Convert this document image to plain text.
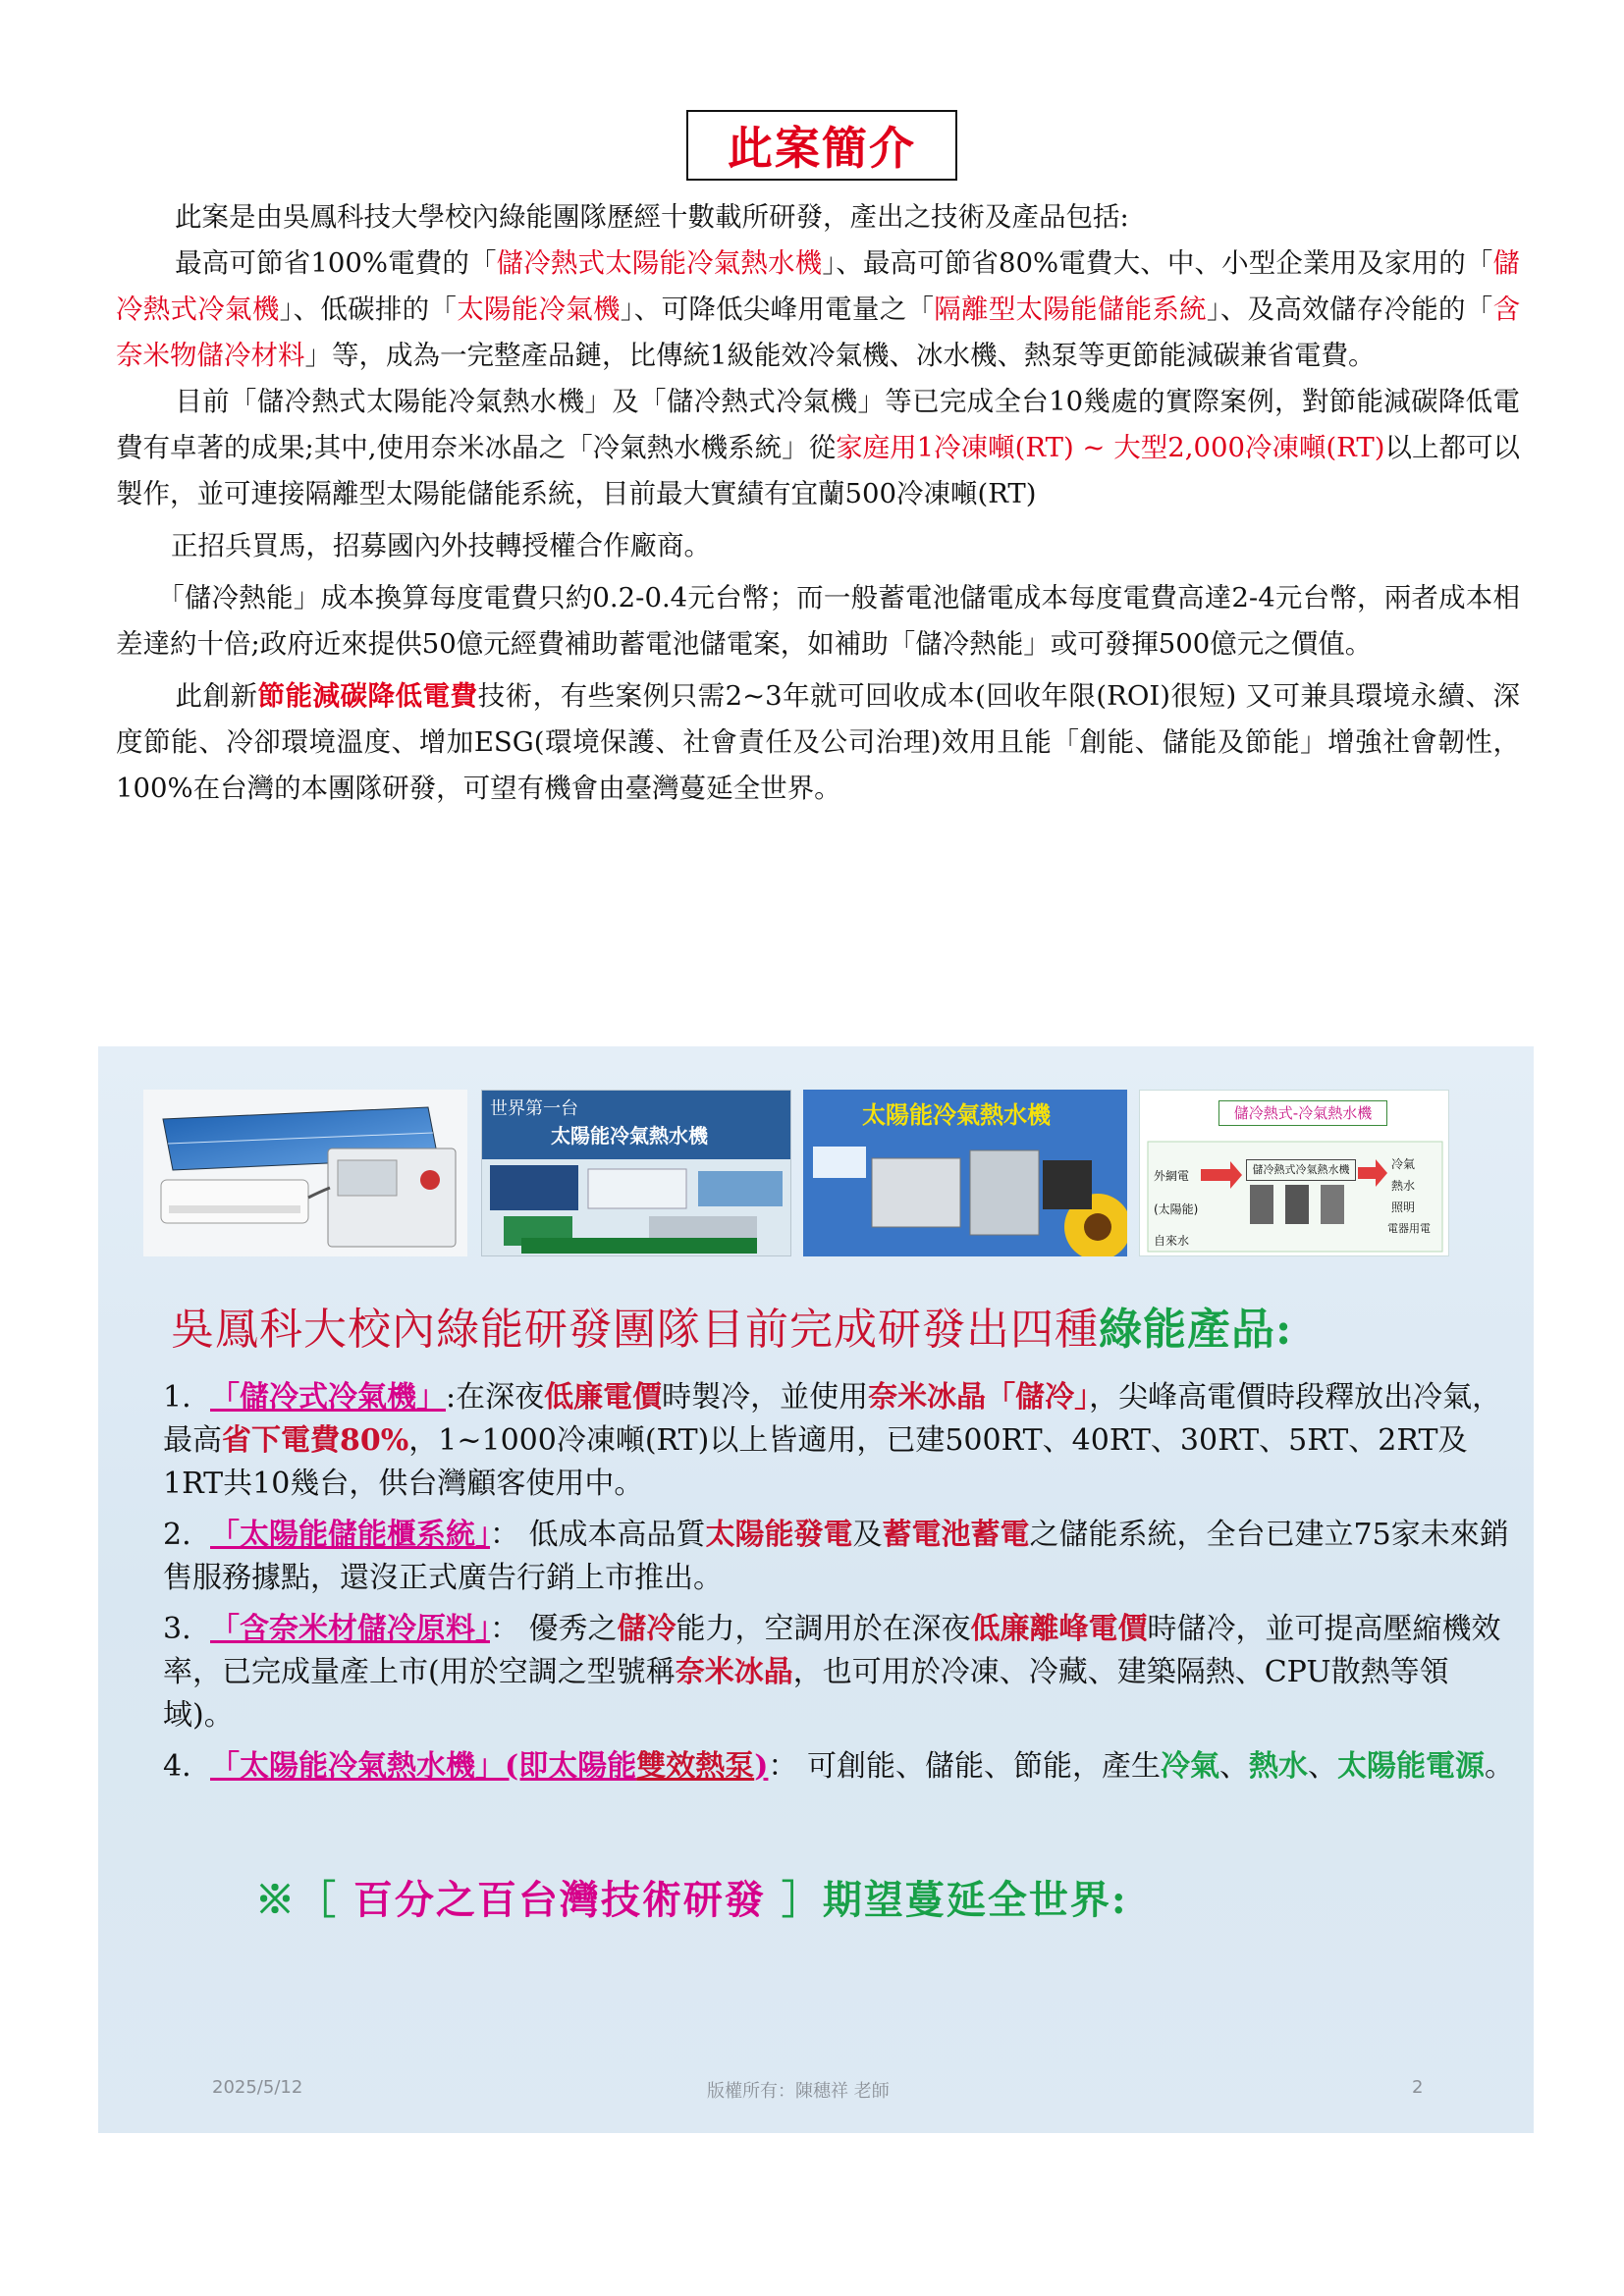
此案簡介

此案是由吳鳳科技大學校內綠能團隊歷經十數載所研發，產出之技術及產品包括:

最高可節省100%電費的「儲冷熱式太陽能冷氣熱水機」、最高可節省80%電費大、中、小型企業用及家用的「儲冷熱式冷氣機」、低碳排的「太陽能冷氣機」、可降低尖峰用電量之「隔離型太陽能儲能系統」、及高效儲存冷能的「含奈米物儲冷材料」等，成為一完整產品鏈，比傳統1級能效冷氣機、冰水機、熱泵等更節能減碳兼省電費。

目前「儲冷熱式太陽能冷氣熱水機」及「儲冷熱式冷氣機」等已完成全台10幾處的實際案例，對節能減碳降低電費有卓著的成果;其中,使用奈米冰晶之「冷氣熱水機系統」從家庭用1冷凍噸(RT) ~ 大型2,000冷凍噸(RT)以上都可以製作，並可連接隔離型太陽能儲能系統，目前最大實績有宜蘭500冷凍噸(RT)

正招兵買馬，招募國內外技轉授權合作廠商。

「儲冷熱能」成本換算每度電費只約0.2-0.4元台幣；而一般蓄電池儲電成本每度電費高達2-4元台幣，兩者成本相差達約十倍;政府近來提供50億元經費補助蓄電池儲電案，如補助「儲冷熱能」或可發揮500億元之價值。

此創新節能減碳降低電費技術，有些案例只需2~3年就可回收成本(回收年限(ROI)很短) 又可兼具環境永續、深度節能、冷卻環境溫度、增加ESG(環境保護、社會責任及公司治理)效用且能「創能、儲能及節能」增強社會韌性，100%在台灣的本團隊研發，可望有機會由臺灣蔓延全世界。

世界第一台
太陽能冷氣熱水機
太陽能冷氣熱水機	儲冷熱式-冷氣熱水機
外網電
(太陽能)
自來水
儲冷熱式冷氣熱水機	冷氣
熱水
照明
電器用電
吳鳳科大校內綠能研發團隊目前完成研發出四種綠能產品:
1. 「儲冷式冷氣機」:在深夜低廉電價時製冷，並使用奈米冰晶「儲冷」，尖峰高電價時段釋放出冷氣，最高省下電費80%，1~1000冷凍噸(RT)以上皆適用，已建500RT、40RT、30RT、5RT、2RT及1RT共10幾台，供台灣顧客使用中。
2. 「太陽能儲能櫃系統」： 低成本高品質太陽能發電及蓄電池蓄電之儲能系統，全台已建立75家未來銷售服務據點，還沒正式廣告行銷上市推出。
3. 「含奈米材儲冷原料」： 優秀之儲冷能力，空調用於在深夜低廉離峰電價時儲冷，並可提高壓縮機效率，已完成量產上市(用於空調之型號稱奈米冰晶，也可用於冷凍、冷藏、建築隔熱、CPU散熱等領域)。
4. 「太陽能冷氣熱水機」(即太陽能雙效熱泵)： 可創能、儲能、節能，產生冷氣、熱水、太陽能電源。
※［ 百分之百台灣技術研發 ］期望蔓延全世界:
2025/5/12	版權所有：陳穗祥 老師	2
